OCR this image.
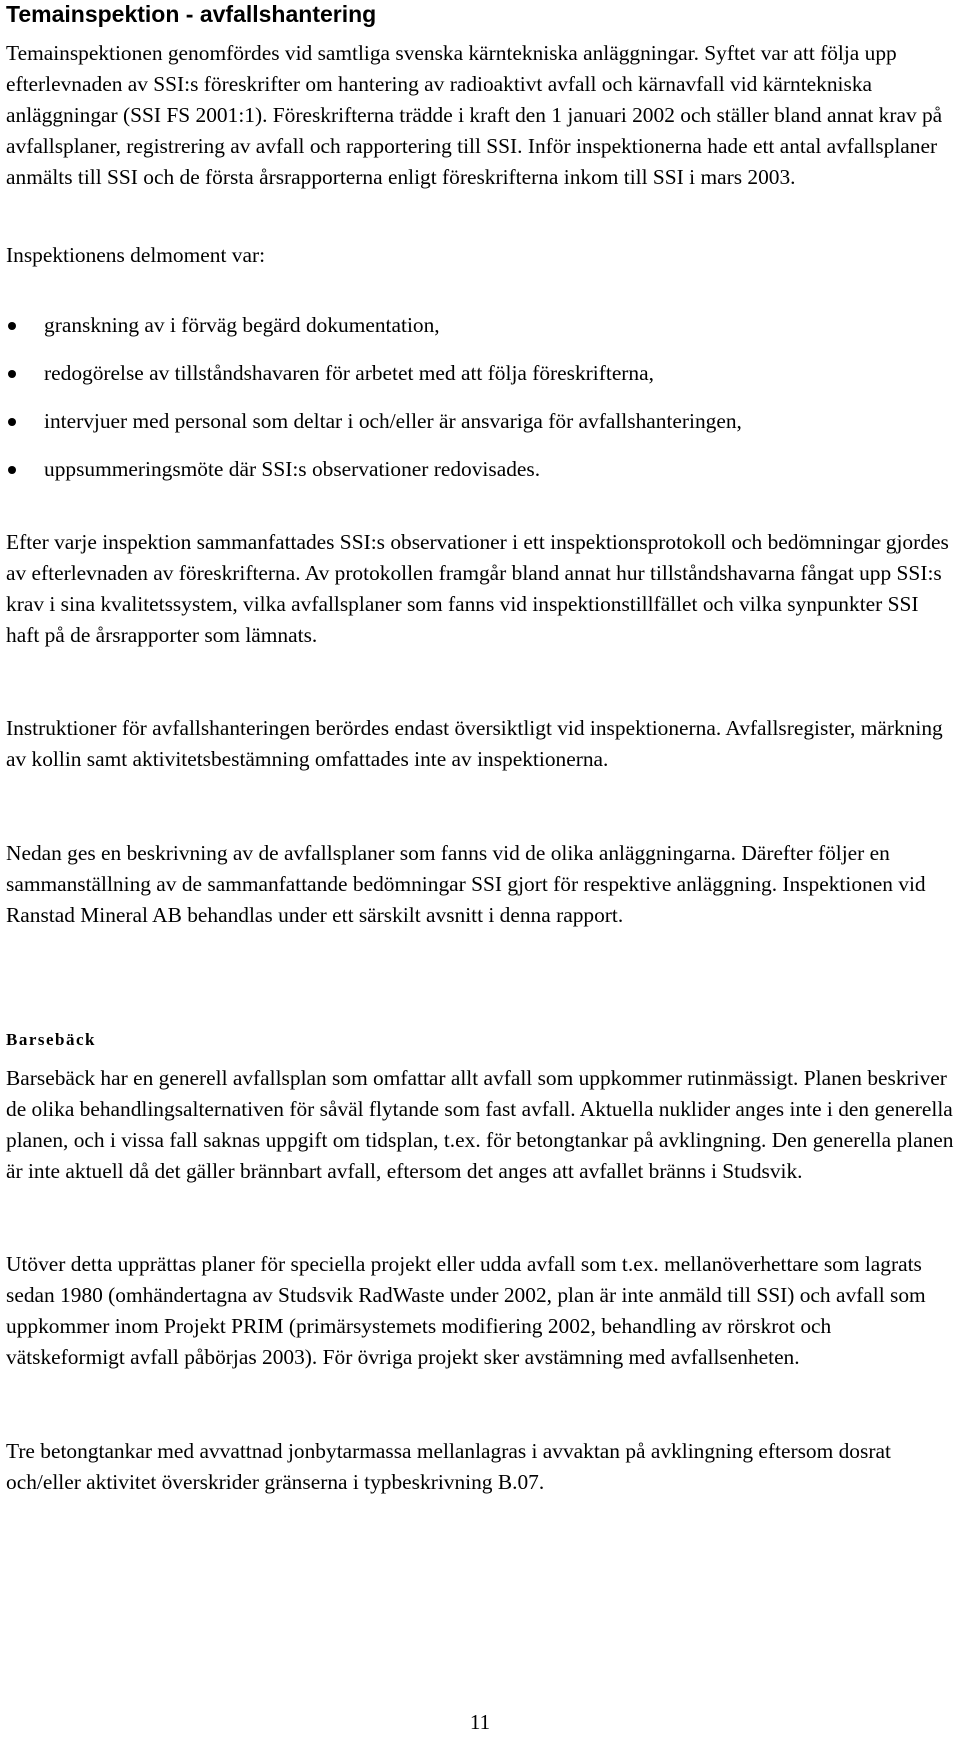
Temainspektion - avfallshantering

Temainspektionen genomfördes vid samtliga svenska kärntekniska anläggningar. Syftet var att följa upp efterlevnaden av SSI:s föreskrifter om hantering av radioaktivt avfall och kärnavfall vid kärntekniska anläggningar (SSI FS 2001:1). Föreskrifterna trädde i kraft den 1 januari 2002 och ställer bland annat krav på avfallsplaner, registrering av avfall och rapportering till SSI. Inför inspektionerna hade ett antal avfallsplaner anmälts till SSI och de första årsrapporterna enligt föreskrifterna inkom till SSI i mars 2003.

Inspektionens delmoment var:

granskning av i förväg begärd dokumentation,
redogörelse av tillståndshavaren för arbetet med att följa föreskrifterna,
intervjuer med personal som deltar i och/eller är ansvariga för avfallshanteringen,
uppsummeringsmöte där SSI:s observationer redovisades.

Efter varje inspektion sammanfattades SSI:s observationer i ett inspektionsprotokoll och bedömningar gjordes av efterlevnaden av föreskrifterna. Av protokollen framgår bland annat hur tillståndshavarna fångat upp SSI:s krav i sina kvalitetssystem, vilka avfallsplaner som fanns vid inspektionstillfället och vilka synpunkter SSI haft på de årsrapporter som lämnats.

Instruktioner för avfallshanteringen berördes endast översiktligt vid inspektionerna. Avfallsregister, märkning av kollin samt aktivitetsbestämning omfattades inte av inspektionerna.

Nedan ges en beskrivning av de avfallsplaner som fanns vid de olika anläggningarna. Därefter följer en sammanställning av de sammanfattande bedömningar SSI gjort för respektive anläggning. Inspektionen vid Ranstad Mineral AB behandlas under ett särskilt avsnitt i denna rapport.

Barsebäck

Barsebäck har en generell avfallsplan som omfattar allt avfall som uppkommer rutinmässigt. Planen beskriver de olika behandlingsalternativen för såväl flytande som fast avfall. Aktuella nuklider anges inte i den generella planen, och i vissa fall saknas uppgift om tidsplan, t.ex. för betongtankar på avklingning. Den generella planen är inte aktuell då det gäller brännbart avfall, eftersom det anges att avfallet bränns i Studsvik.

Utöver detta upprättas planer för speciella projekt eller udda avfall som t.ex. mellanöverhettare som lagrats sedan 1980 (omhändertagna av Studsvik RadWaste under 2002, plan är inte anmäld till SSI) och avfall som uppkommer inom Projekt PRIM (primärsystemets modifiering 2002, behandling av rörskrot och vätskeformigt avfall påbörjas 2003). För övriga projekt sker avstämning med avfallsenheten.

Tre betongtankar med avvattnad jonbytarmassa mellanlagras i avvaktan på avklingning eftersom dosrat och/eller aktivitet överskrider gränserna i typbeskrivning B.07.

11
